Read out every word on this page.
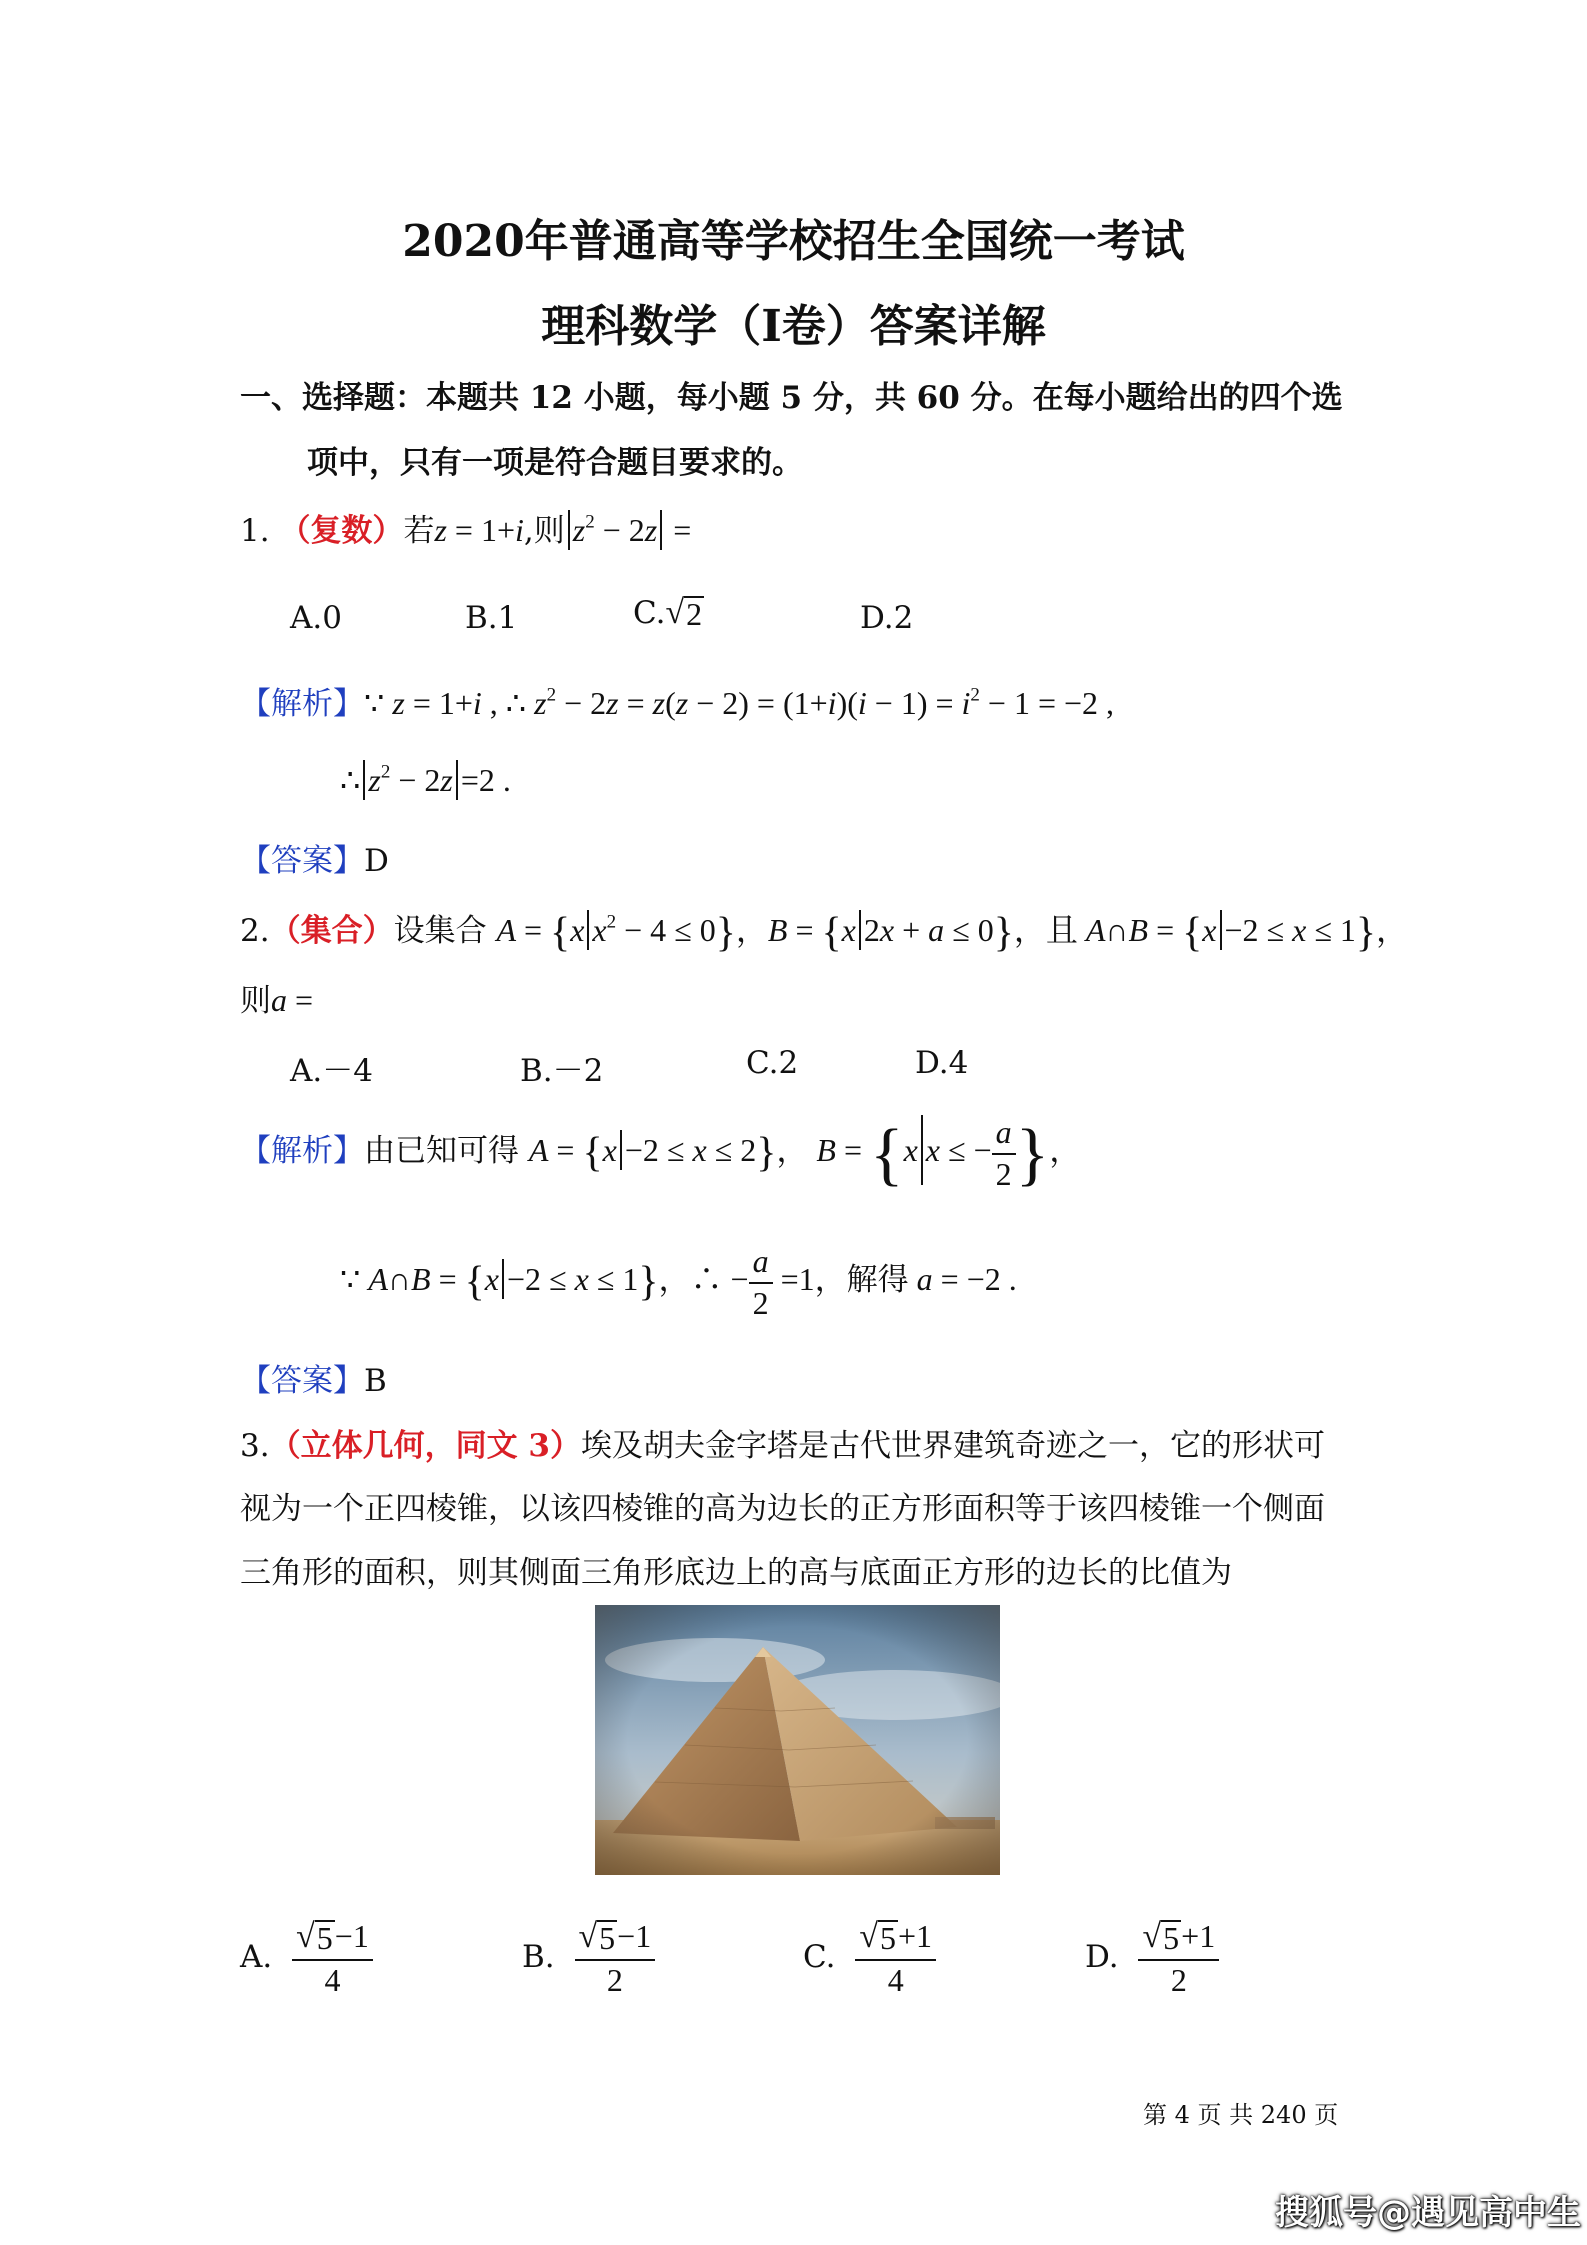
2020年普通高等学校招生全国统一考试
理科数学（I卷）答案详解
一、选择题：本题共 12 小题，每小题 5 分，共 60 分。在每小题给出的四个选
项中，只有一项是符合题目要求的。
1. （复数）若z = 1+i,则 $z^2 - 2z$ =
A.0	B.1	C. √ 2	D.2
【解析】∵ z = 1+i , ∴ $z^2 - 2z = z(z - 2) = (1+i)(i - 1) = i^2 - 1 = -2$ ,
∴ $z^2 - 2z =2$ .
【答案】D
2.（集合）设集合 A = {x $x^2 - 4 \le 0$}，B = {x 2x + a ≤ 0}，且 A∩B = {x −2 ≤ x ≤ 1}，
则a =
A.－4	B.－2	C.2	D.4
【解析】由已知可得 A = {x −2 ≤ x ≤ 2}， B = {x x ≤ − $\frac{a}{2}$ }，
∵ A∩B = {x −2 ≤ x ≤ 1}，∴ − $\frac{a}{2} =1$，解得 a = −2 .
【答案】B
3.（立体几何，同文 3）埃及胡夫金字塔是古代世界建筑奇迹之一，它的形状可
视为一个正四棱锥，以该四棱锥的高为边长的正方形面积等于该四棱锥一个侧面
三角形的面积，则其侧面三角形底边上的高与底面正方形的边长的比值为
A. $\frac{√ 5 -1}{4}$	B. $\frac{√ 5 -1}{2}$	C. $\frac{√ 5 +1}{4}$	D. $\frac{√ 5 +1}{2}$
第 4 页 共 240 页
搜狐号@遇见高中生
